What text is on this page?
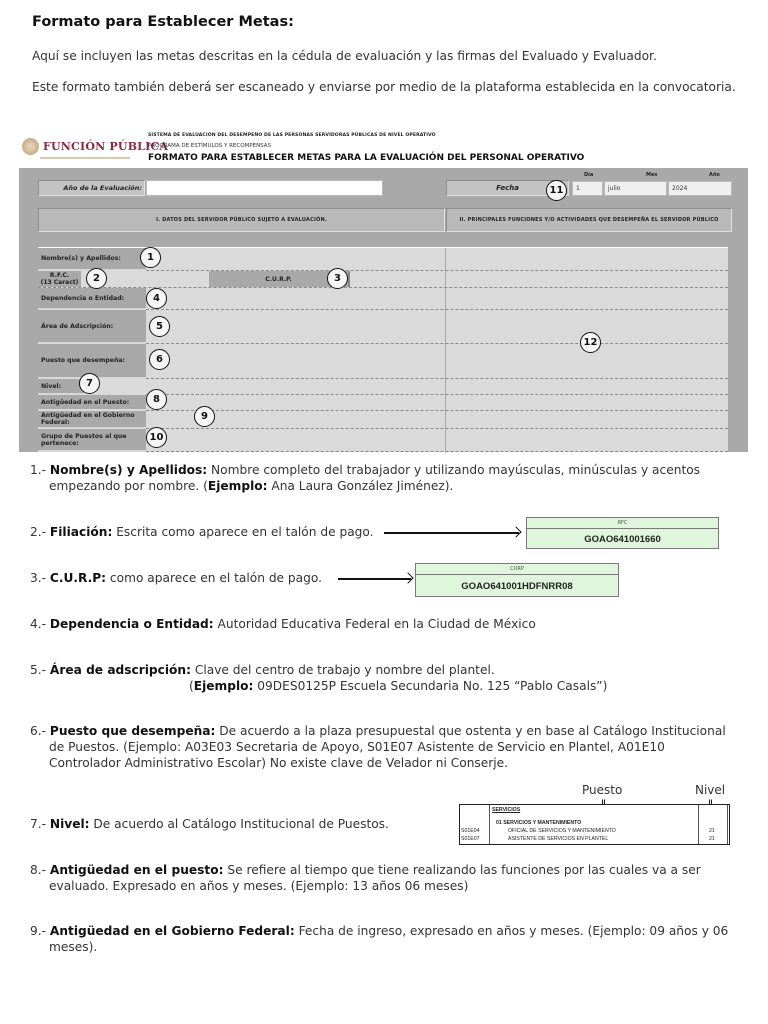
Formato para Establecer Metas:
Aquí se incluyen las metas descritas en la cédula de evaluación y las firmas del Evaluado y Evaluador.
Este formato también deberá ser escaneado y enviarse por medio de la plataforma establecida en la convocatoria.
FUNCIÓN PÚBLICA
SISTEMA DE EVALUACIÓN DEL DESEMPEÑO DE LAS PERSONAS SERVIDORAS PÚBLICAS DE NIVEL OPERATIVO
PROGRAMA DE ESTÍMULOS Y RECOMPENSAS
FORMATO PARA ESTABLECER METAS PARA LA EVALUACIÓN DEL PERSONAL OPERATIVO
Año de la Evaluación:	Fecha
Día	Mes	Año
1	julio	2024
I. DATOS DEL SERVIDOR PÚBLICO SUJETO A EVALUACIÓN.	II. PRINCIPALES FUNCIONES Y/O ACTIVIDADES QUE DESEMPEÑA EL SERVIDOR PÚBLICO
Nombre(s) y Apellidos:
R.F.C.
(13 Caract)	C.U.R.P.
Dependencia o Entidad:
Área de Adscripción:
Puesto que desempeña:
Nivel:
Antigüedad en el Puesto:
Antigüedad en el Gobierno Federal:
Grupo de Puestos al que pertenece:
1
2	3
4
5
6
7
8
9
10
11
12
1.- Nombre(s) y Apellidos: Nombre completo del trabajador y utilizando mayúsculas, minúsculas y acentos
empezando por nombre. (Ejemplo: Ana Laura González Jiménez).
2.- Filiación: Escrita como aparece en el talón de pago.
RFC
GOAO641001660
3.- C.U.R.P: como aparece en el talón de pago.
CURP
GOAO641001HDFNRR08
4.- Dependencia o Entidad: Autoridad Educativa Federal en la Ciudad de México
5.- Área de adscripción: Clave del centro de trabajo y nombre del plantel.
(Ejemplo: 09DES0125P Escuela Secundaria No. 125 “Pablo Casals”)
6.- Puesto que desempeña: De acuerdo a la plaza presupuestal que ostenta y en base al Catálogo Institucional
de Puestos. (Ejemplo: A03E03 Secretaria de Apoyo, S01E07 Asistente de Servicio en Plantel, A01E10
Controlador Administrativo Escolar) No existe clave de Velador ni Conserje.
Puesto	Nivel
7.- Nivel: De acuerdo al Catálogo Institucional de Puestos.
SERVICIOS
01 SERVICIOS Y MANTENIMIENTO
S01E04	OFICIAL DE SERVICIOS Y MANTENIMIENTO	21
S01E07	ASISTENTE DE SERVICIOS EN PLANTEL	21
8.- Antigüedad en el puesto: Se refiere al tiempo que tiene realizando las funciones por las cuales va a ser
evaluado. Expresado en años y meses. (Ejemplo: 13 años 06 meses)
9.- Antigüedad en el Gobierno Federal: Fecha de ingreso, expresado en años y meses. (Ejemplo: 09 años y 06
meses).
